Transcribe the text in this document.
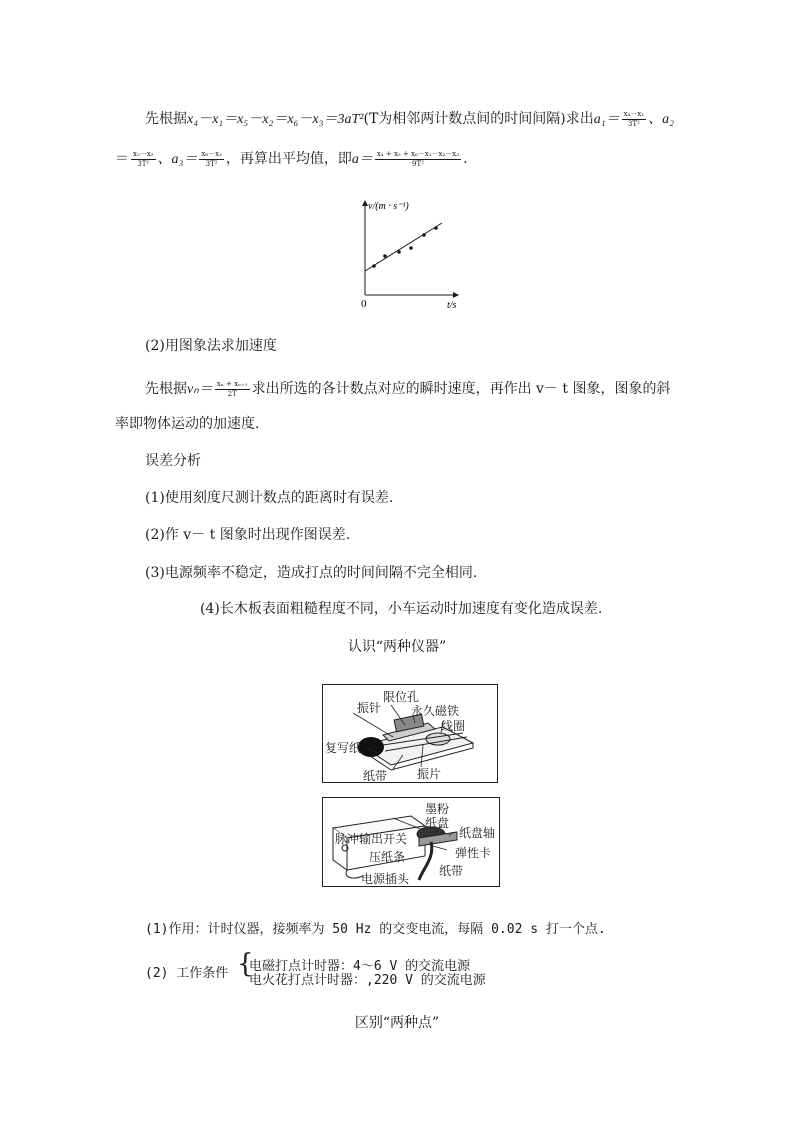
先根据x₄－x₁＝x₅－x₂＝x₆－x₃＝3aT²(T为相邻两计数点间的时间间隔)求出$a_1= \frac{\text{x₄－x₁}}{\text{3T²}}$ 、a₂
＝ $\frac{\text{x₅－x₂}}{\text{3T²}}$ 、$a_3= \frac{\text{x₆－x₃}}{\text{3T²}}$ ，再算出平均值，即$a= \frac{\text{x₄ + x₅ + x₆－x₁－x₂－x₃}}{\text{9T²}}$ .
v/(m · s⁻¹)
t/s
0
(2)用图象法求加速度
先根据$v_n= \frac{\text{xₙ + xₙ₊₁}}{2T}$ 求出所选的各计数点对应的瞬时速度，再作出 v－ t 图象，图象的斜
率即物体运动的加速度.
误差分析
(1)使用刻度尺测计数点的距离时有误差.
(2)作 v－ t 图象时出现作图误差.
(3)电源频率不稳定，造成打点的时间间隔不完全相同.
(4)长木板表面粗糙程度不同，小车运动时加速度有变化造成误差.
认识“两种仪器”
限位孔
振针 永久磁铁
线圈
复写纸
纸带 振片
墨粉
纸盘
纸盘轴
脉冲输出开关
弹性卡
压纸条
纸带
电源插头
(1)作用：计时仪器，接频率为 50 Hz 的交变电流，每隔 0.02 s 打一个点.
(2) 工作条件 {
电磁打点计时器：4～6 V 的交流电源
电火花打点计时器：,220 V 的交流电源
区别“两种点”
